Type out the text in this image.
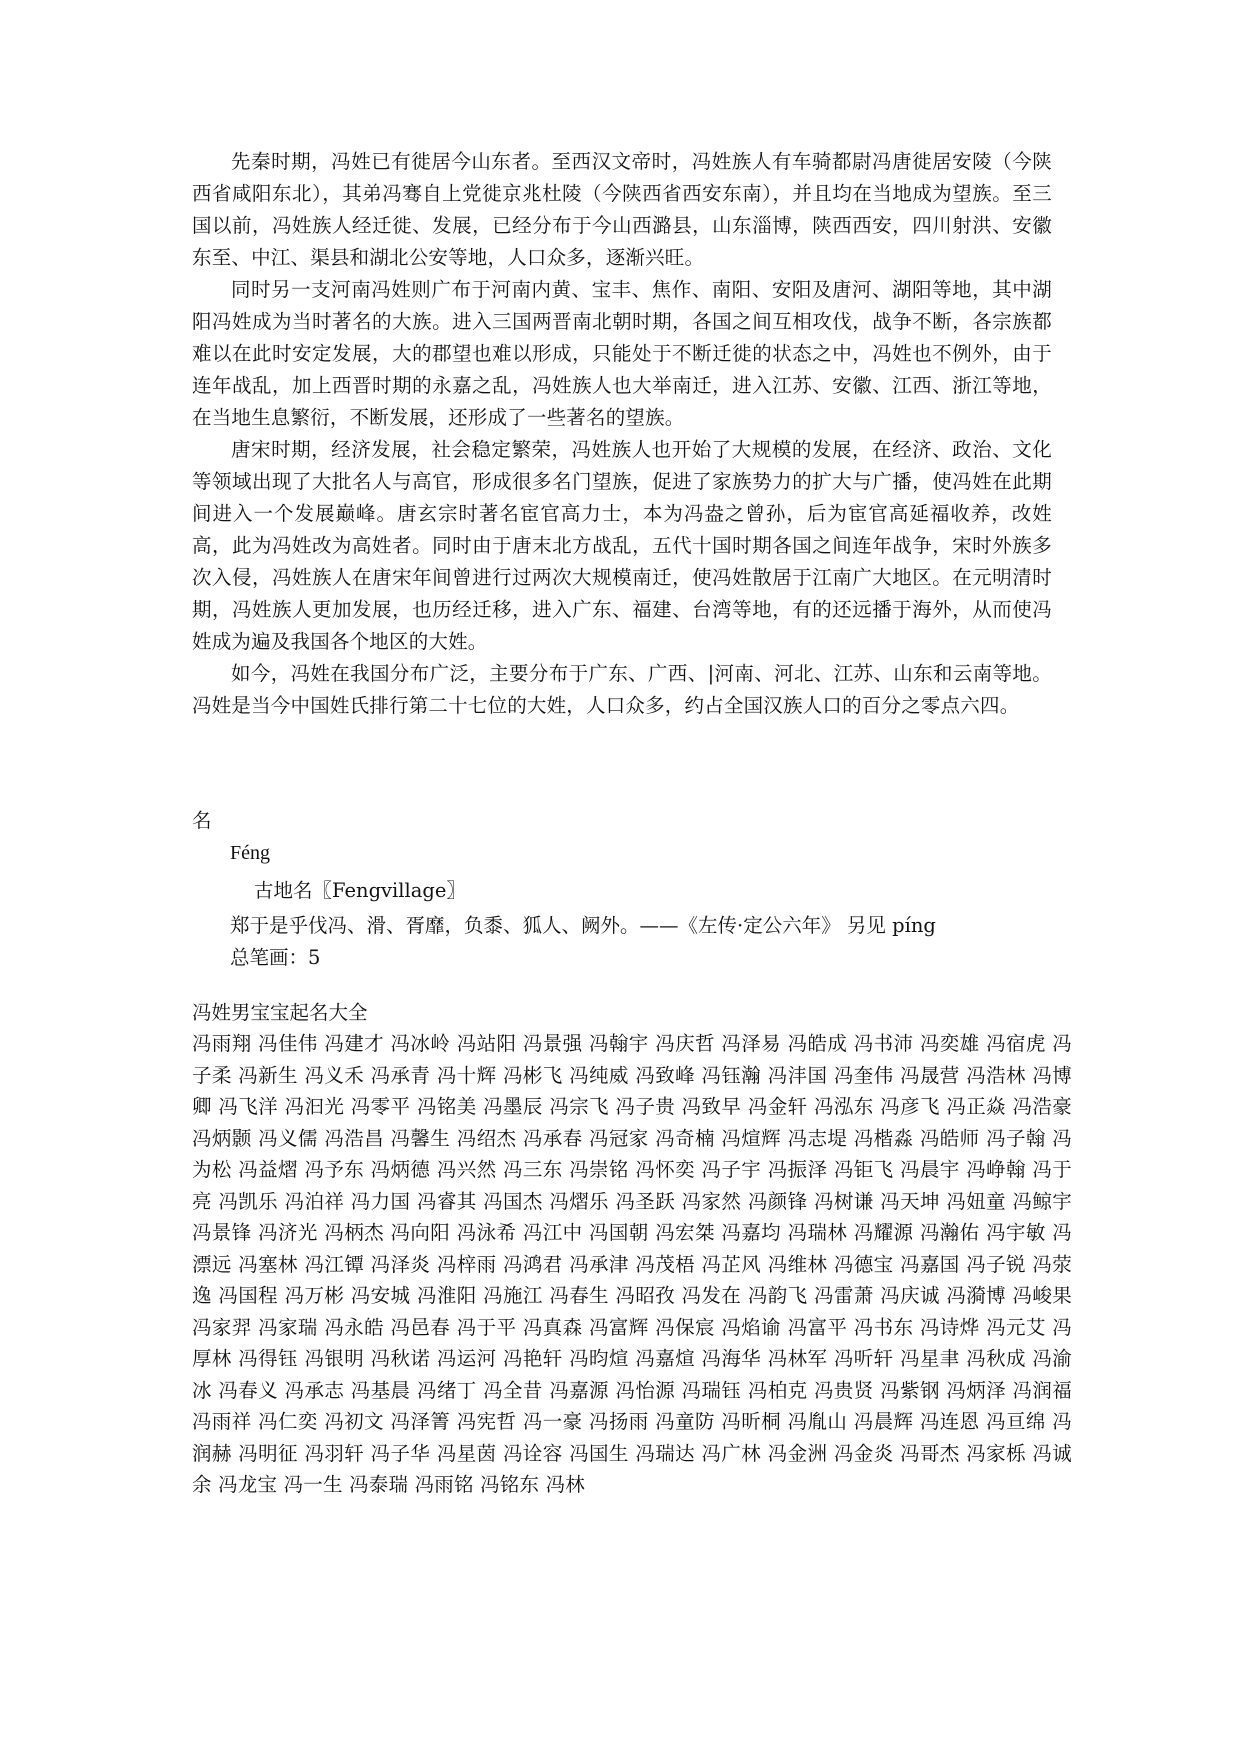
先秦时期，冯姓已有徙居今山东者。至西汉文帝时，冯姓族人有车骑都尉冯唐徙居安陵（今陕西省咸阳东北），其弟冯骞自上党徙京兆杜陵（今陕西省西安东南），并且均在当地成为望族。至三国以前，冯姓族人经迁徙、发展，已经分布于今山西潞县，山东淄博，陕西西安，四川射洪、安徽东至、中江、渠县和湖北公安等地，人口众多，逐渐兴旺。

同时另一支河南冯姓则广布于河南内黄、宝丰、焦作、南阳、安阳及唐河、湖阳等地，其中湖阳冯姓成为当时著名的大族。进入三国两晋南北朝时期，各国之间互相攻伐，战争不断，各宗族都难以在此时安定发展，大的郡望也难以形成，只能处于不断迁徙的状态之中，冯姓也不例外，由于连年战乱，加上西晋时期的永嘉之乱，冯姓族人也大举南迁，进入江苏、安徽、江西、浙江等地，在当地生息繁衍，不断发展，还形成了一些著名的望族。

唐宋时期，经济发展，社会稳定繁荣，冯姓族人也开始了大规模的发展，在经济、政治、文化等领域出现了大批名人与高官，形成很多名门望族，促进了家族势力的扩大与广播，使冯姓在此期间进入一个发展巅峰。唐玄宗时著名宦官高力士，本为冯盎之曾孙，后为宦官高延福收养，改姓高，此为冯姓改为高姓者。同时由于唐末北方战乱，五代十国时期各国之间连年战争，宋时外族多次入侵，冯姓族人在唐宋年间曾进行过两次大规模南迁，使冯姓散居于江南广大地区。在元明清时期，冯姓族人更加发展，也历经迁移，进入广东、福建、台湾等地，有的还远播于海外，从而使冯姓成为遍及我国各个地区的大姓。

如今，冯姓在我国分布广泛，主要分布于广东、广西、|河南、河北、江苏、山东和云南等地。冯姓是当今中国姓氏排行第二十七位的大姓，人口众多，约占全国汉族人口的百分之零点六四。

名
Féng
古地名〖Fengvillage〗
郑于是乎伐冯、滑、胥靡，负黍、狐人、阙外。——《左传·定公六年》 另见 píng
总笔画：5
冯姓男宝宝起名大全

冯雨翔 冯佳伟 冯建才 冯冰岭 冯站阳 冯景强 冯翰宇 冯庆哲 冯泽易 冯皓成 冯书沛 冯奕雄 冯宿虎 冯子柔 冯新生 冯义禾 冯承青 冯十辉 冯彬飞 冯纯威 冯致峰 冯钰瀚 冯沣国 冯奎伟 冯晟营 冯浩林 冯博卿 冯飞洋 冯汩光 冯零平 冯铭美 冯墨辰 冯宗飞 冯子贵 冯致早 冯金轩 冯泓东 冯彦飞 冯正焱 冯浩豪 冯炳颢 冯义儒 冯浩昌 冯馨生 冯绍杰 冯承春 冯冠家 冯奇楠 冯煊辉 冯志堤 冯楷淼 冯皓师 冯子翰 冯为松 冯益熠 冯予东 冯炳德 冯兴然 冯三东 冯崇铭 冯怀奕 冯子宇 冯振泽 冯钜飞 冯晨宇 冯峥翰 冯于亮 冯凯乐 冯泊祥 冯力国 冯睿其 冯国杰 冯熠乐 冯圣跃 冯家然 冯颜锋 冯树谦 冯天坤 冯妞童 冯鲸宇 冯景锋 冯济光 冯柄杰 冯向阳 冯泳希 冯江中 冯国朝 冯宏桀 冯嘉均 冯瑞林 冯耀源 冯瀚佑 冯宇敏 冯漂远 冯塞林 冯江镡 冯泽炎 冯梓雨 冯鸿君 冯承津 冯茂梧 冯芷风 冯维林 冯德宝 冯嘉国 冯子锐 冯荥逸 冯国程 冯万彬 冯安城 冯淮阳 冯施江 冯春生 冯昭孜 冯发在 冯韵飞 冯雷萧 冯庆诚 冯漪博 冯峻果 冯家羿 冯家瑞 冯永皓 冯邑春 冯于平 冯真森 冯富辉 冯保宸 冯焰谕 冯富平 冯书东 冯诗烨 冯元艾 冯厚林 冯得钰 冯银明 冯秋诺 冯运河 冯艳轩 冯昀煊 冯嘉煊 冯海华 冯林军 冯听轩 冯星聿 冯秋成 冯渝冰 冯春义 冯承志 冯基晨 冯绪丁 冯全昔 冯嘉源 冯怡源 冯瑞钰 冯柏克 冯贵贤 冯紫钢 冯炳泽 冯润福 冯雨祥 冯仁奕 冯初文 冯泽箐 冯宪哲 冯一豪 冯扬雨 冯童防 冯昕桐 冯胤山 冯晨辉 冯连恩 冯亘绵 冯润赫 冯明征 冯羽轩 冯子华 冯星茵 冯诠容 冯国生 冯瑞达 冯广林 冯金洲 冯金炎 冯哥杰 冯家栎 冯诚余 冯龙宝 冯一生 冯泰瑞 冯雨铭 冯铭东 冯林
